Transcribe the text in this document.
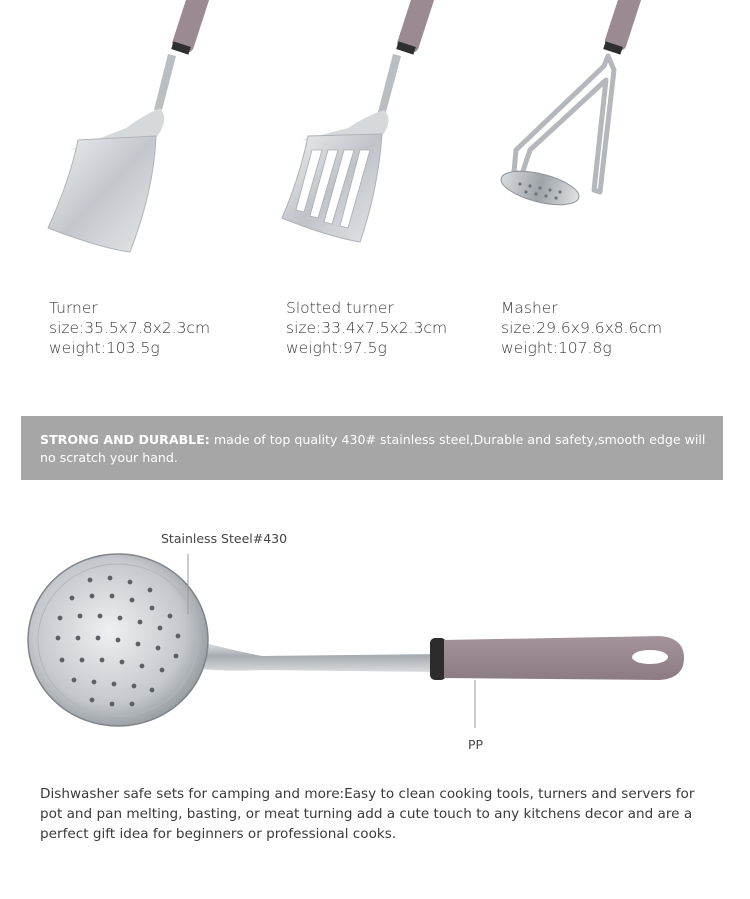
Turner
size:35.5x7.8x2.3cm
weight:103.5g
Slotted turner
size:33.4x7.5x2.3cm
weight:97.5g
Masher
size:29.6x9.6x8.6cm
weight:107.8g
STRONG AND DURABLE: made of top quality 430# stainless steel,Durable and safety,smooth edge will no scratch your hand.
Stainless Steel#430
PP
Dishwasher safe sets for camping and more:Easy to clean cooking tools, turners and servers for pot and pan melting, basting, or meat turning add a cute touch to any kitchens decor and are a perfect gift idea for beginners or professional cooks.
